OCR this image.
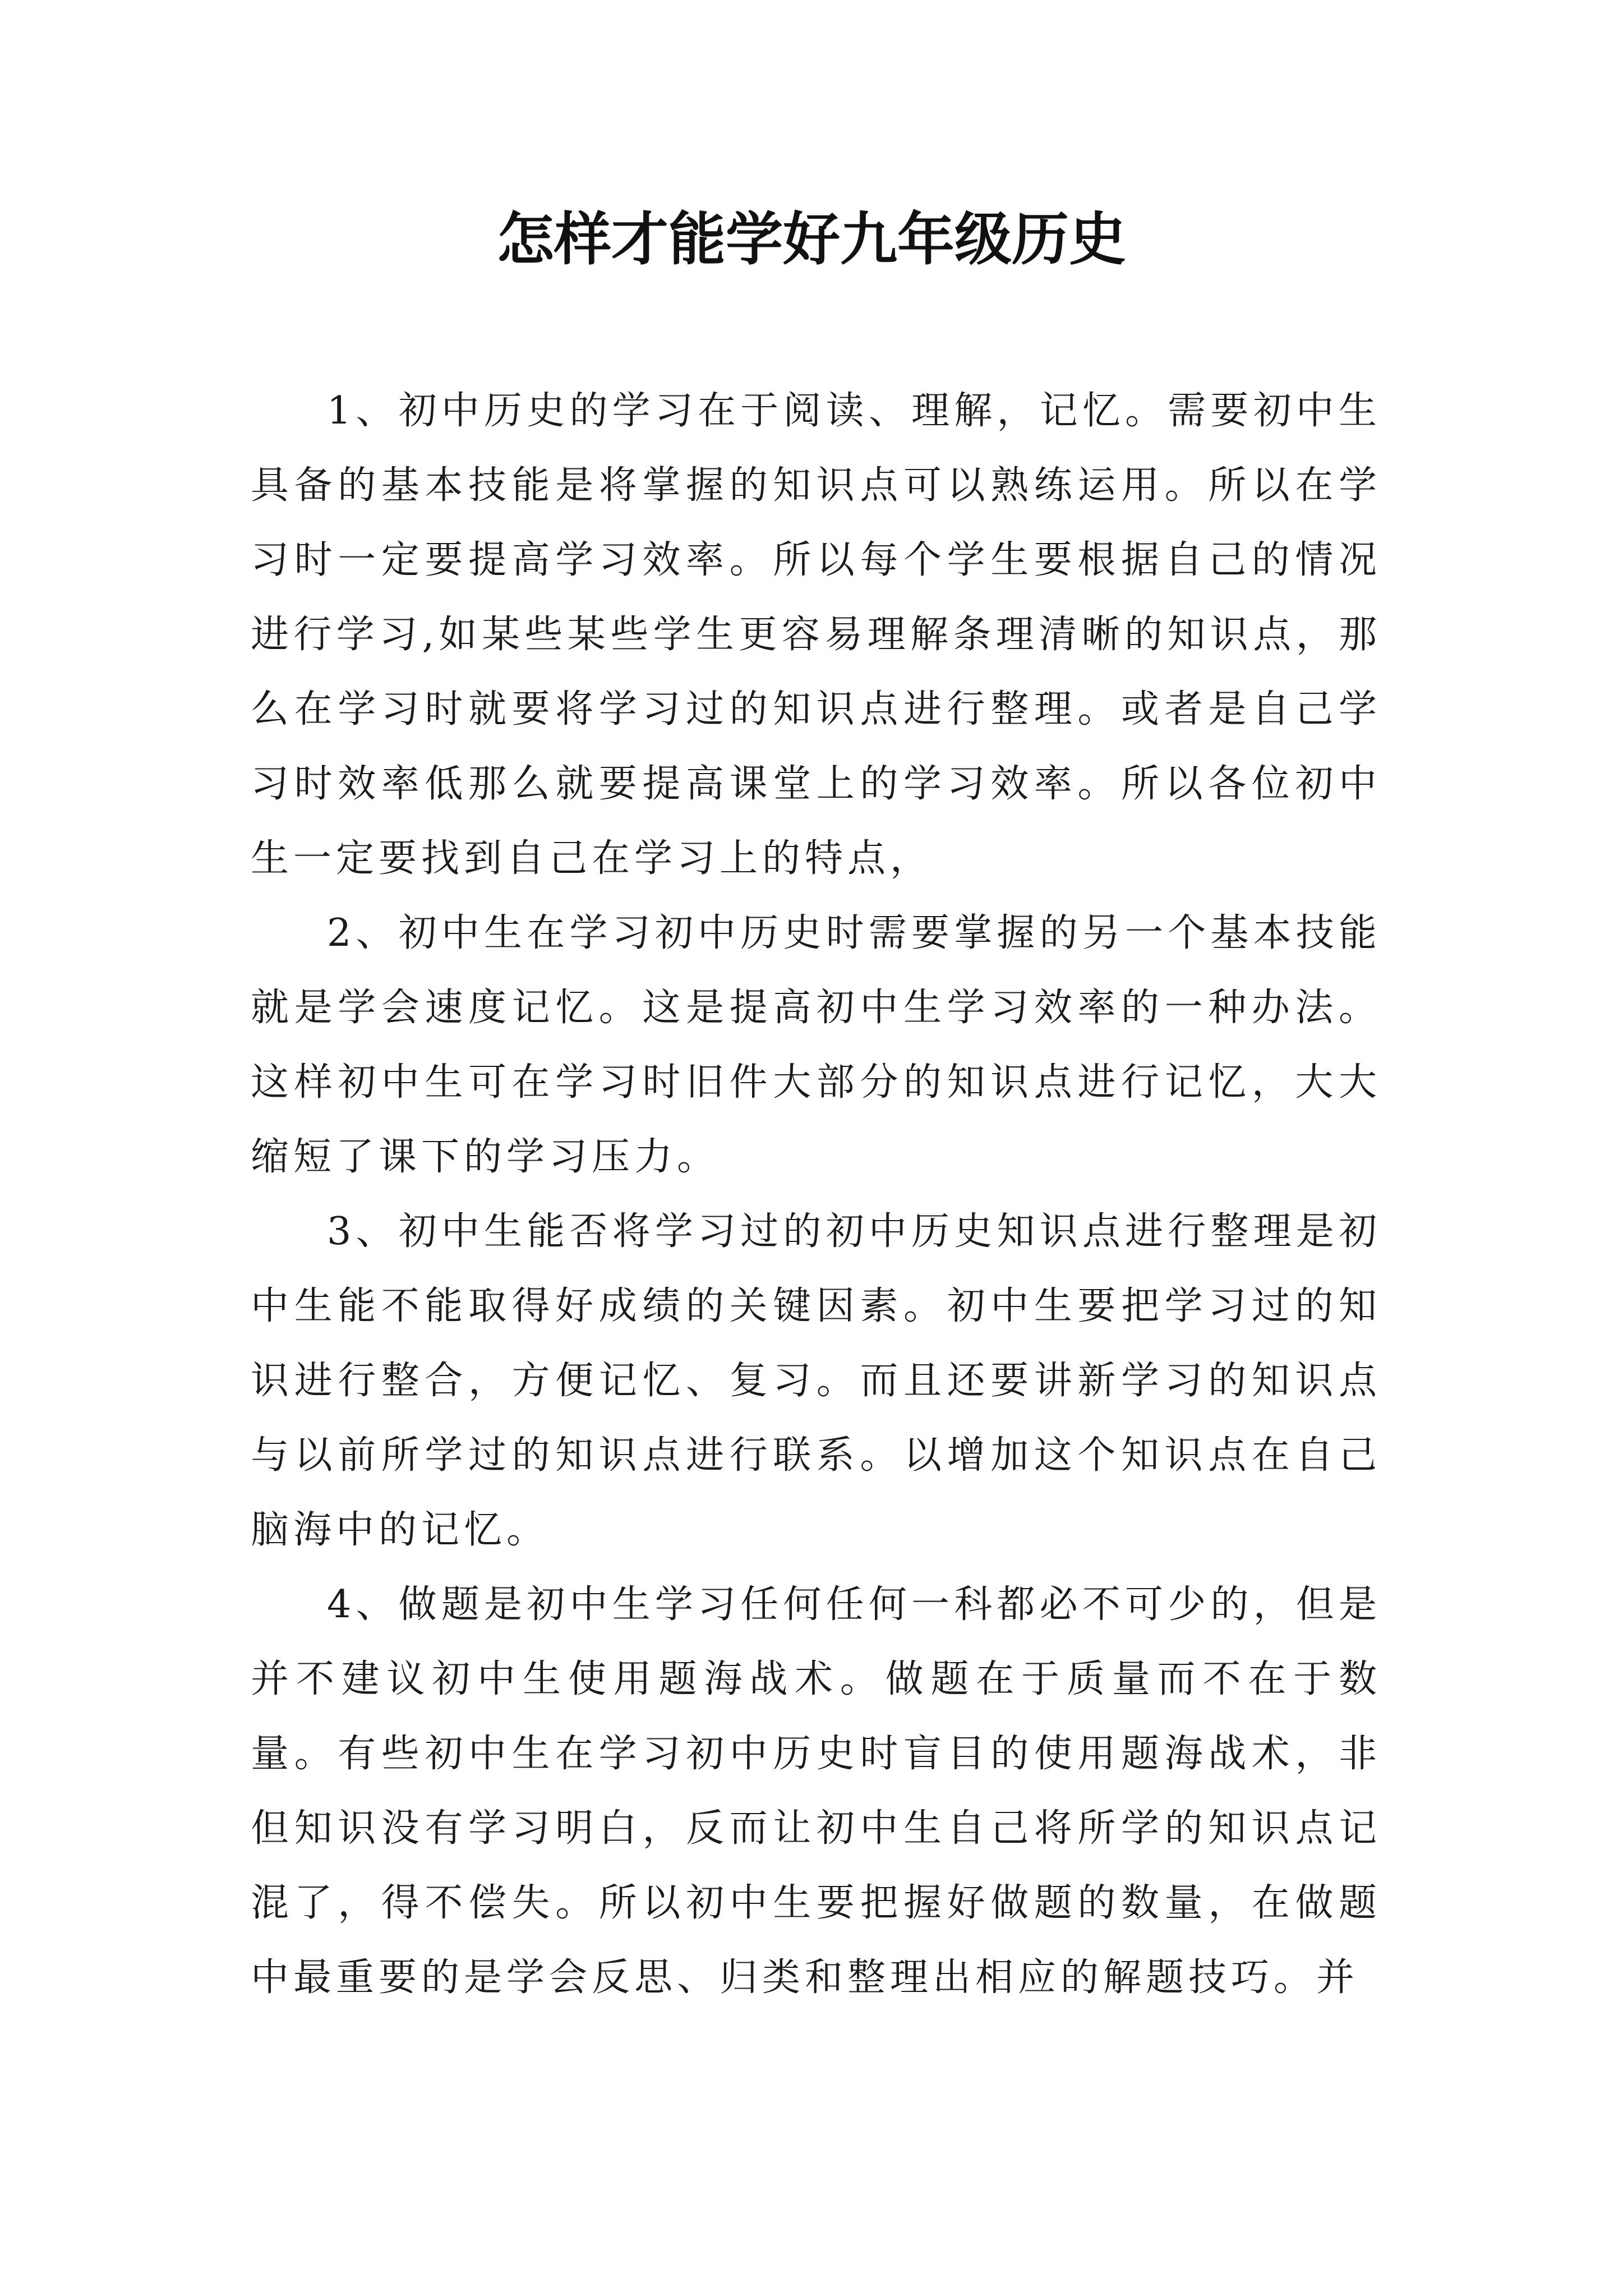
怎样才能学好九年级历史

1、初中历史的学习在于阅读、理解，记忆。需要初中生具备的基本技能是将掌握的知识点可以熟练运用。所以在学习时一定要提高学习效率。所以每个学生要根据自己的情况进行学习,如某些某些学生更容易理解条理清晰的知识点，那么在学习时就要将学习过的知识点进行整理。或者是自己学习时效率低那么就要提高课堂上的学习效率。所以各位初中生一定要找到自己在学习上的特点，

2、初中生在学习初中历史时需要掌握的另一个基本技能就是学会速度记忆。这是提高初中生学习效率的一种办法。这样初中生可在学习时旧件大部分的知识点进行记忆，大大缩短了课下的学习压力。

3、初中生能否将学习过的初中历史知识点进行整理是初中生能不能取得好成绩的关键因素。初中生要把学习过的知识进行整合，方便记忆、复习。而且还要讲新学习的知识点与以前所学过的知识点进行联系。以增加这个知识点在自己脑海中的记忆。

4、做题是初中生学习任何任何一科都必不可少的，但是并不建议初中生使用题海战术。做题在于质量而不在于数量。有些初中生在学习初中历史时盲目的使用题海战术，非但知识没有学习明白，反而让初中生自己将所学的知识点记混了，得不偿失。所以初中生要把握好做题的数量，在做题中最重要的是学会反思、归类和整理出相应的解题技巧。并
